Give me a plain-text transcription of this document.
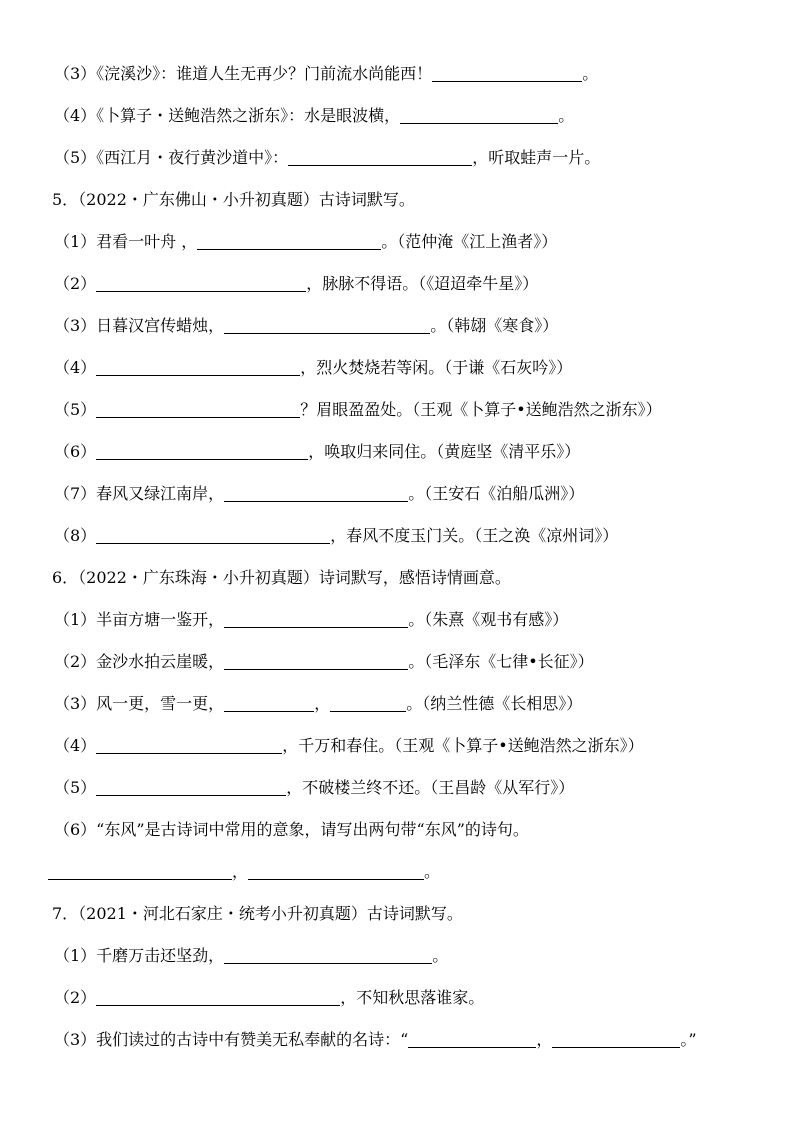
（3）《浣溪沙》：谁道人生无再少？门前流水尚能西！	。
（4）《卜算子・送鲍浩然之浙东》：水是眼波横，	。
（5）《西江月・夜行黄沙道中》：	，听取蛙声一片。
5．（2022・广东佛山・小升初真题）古诗词默写。
（1）君看一叶舟 ，	。（范仲淹《江上渔者》）
（2）	，脉脉不得语。（《迢迢牵牛星》）
（3）日暮汉宫传蜡烛，	。（韩翃《寒食》）
（4）	，烈火焚烧若等闲。（于谦《石灰吟》）
（5）	？眉眼盈盈处。（王观《卜算子•送鲍浩然之浙东》）
（6）	，唤取归来同住。（黄庭坚《清平乐》）
（7）春风又绿江南岸，	。（王安石《泊船瓜洲》）
（8）	，春风不度玉门关。（王之涣《凉州词》）
6．（2022・广东珠海・小升初真题）诗词默写，感悟诗情画意。
（1）半亩方塘一鉴开，	。（朱熹《观书有感》）
（2）金沙水拍云崖暖，	。（毛泽东《七律•长征》）
（3）风一更，雪一更，	，	。（纳兰性德《长相思》）
（4）	，千万和春住。（王观《卜算子•送鲍浩然之浙东》）
（5）	，不破楼兰终不还。（王昌龄《从军行》）
（6）“东风”是古诗词中常用的意象，请写出两句带“东风”的诗句。
，	。
7．（2021・河北石家庄・统考小升初真题）古诗词默写。
（1）千磨万击还坚劲，	。
（2）	，不知秋思落谁家。
（3）我们读过的古诗中有赞美无私奉献的名诗：“	，	。”
